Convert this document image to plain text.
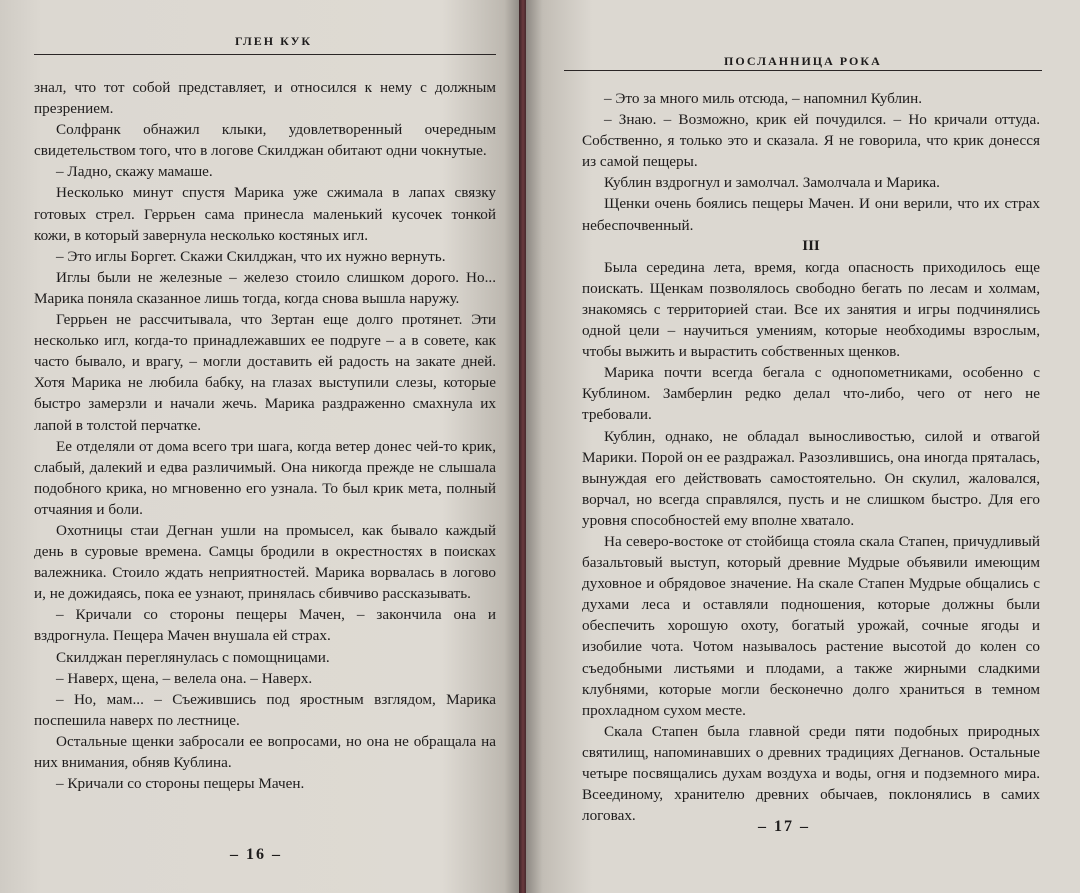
ГЛЕН КУК

знал, что тот собой представляет, и относился к нему с должным презрением.

Солфранк обнажил клыки, удовлетворенный очередным свидетельством того, что в логове Скилджан обитают одни чокнутые.

– Ладно, скажу мамаше.

Несколько минут спустя Марика уже сжимала в лапах связку готовых стрел. Геррьен сама принесла маленький кусочек тонкой кожи, в который завернула несколько костяных игл.

– Это иглы Боргет. Скажи Скилджан, что их нужно вернуть.

Иглы были не железные – железо стоило слишком дорого. Но... Марика поняла сказанное лишь тогда, когда снова вышла наружу.

Геррьен не рассчитывала, что Зертан еще долго протянет. Эти несколько игл, когда-то принадлежавших ее подруге – а в совете, как часто бывало, и врагу, – могли доставить ей радость на закате дней. Хотя Марика не любила бабку, на глазах выступили слезы, которые быстро замерзли и начали жечь. Марика раздраженно смахнула их лапой в толстой перчатке.

Ее отделяли от дома всего три шага, когда ветер донес чей-то крик, слабый, далекий и едва различимый. Она никогда прежде не слышала подобного крика, но мгновенно его узнала. То был крик мета, полный отчаяния и боли.

Охотницы стаи Дегнан ушли на промысел, как бывало каждый день в суровые времена. Самцы бродили в окрестностях в поисках валежника. Стоило ждать неприятностей. Марика ворвалась в логово и, не дожидаясь, пока ее узнают, принялась сбивчиво рассказывать.

– Кричали со стороны пещеры Мачен, – закончила она и вздрогнула. Пещера Мачен внушала ей страх.

Скилджан переглянулась с помощницами.

– Наверх, щена, – велела она. – Наверх.

– Но, мам... – Съежившись под яростным взглядом, Марика поспешила наверх по лестнице.

Остальные щенки забросали ее вопросами, но она не обращала на них внимания, обняв Кублина.

– Кричали со стороны пещеры Мачен.

– 16 –
ПОСЛАННИЦА РОКА

– Это за много миль отсюда, – напомнил Кублин.

– Знаю. – Возможно, крик ей почудился. – Но кричали оттуда. Собственно, я только это и сказала. Я не говорила, что крик донесся из самой пещеры.

Кублин вздрогнул и замолчал. Замолчала и Марика.

Щенки очень боялись пещеры Мачен. И они верили, что их страх небеспочвенный.

III

Была середина лета, время, когда опасность приходилось еще поискать. Щенкам позволялось свободно бегать по лесам и холмам, знакомясь с территорией стаи. Все их занятия и игры подчинялись одной цели – научиться умениям, которые необходимы взрослым, чтобы выжить и вырастить собственных щенков.

Марика почти всегда бегала с однопометниками, особенно с Кублином. Замберлин редко делал что-либо, чего от него не требовали.

Кублин, однако, не обладал выносливостью, силой и отвагой Марики. Порой он ее раздражал. Разозлившись, она иногда пряталась, вынуждая его действовать самостоятельно. Он скулил, жаловался, ворчал, но всегда справлялся, пусть и не слишком быстро. Для его уровня способностей ему вполне хватало.

На северо-востоке от стойбища стояла скала Стапен, причудливый базальтовый выступ, который древние Мудрые объявили имеющим духовное и обрядовое значение. На скале Стапен Мудрые общались с духами леса и оставляли подношения, которые должны были обеспечить хорошую охоту, богатый урожай, сочные ягоды и изобилие чота. Чотом называлось растение высотой до колен со съедобными листьями и плодами, а также жирными сладкими клубнями, которые могли бесконечно долго храниться в темном прохладном сухом месте.

Скала Стапен была главной среди пяти подобных природных святилищ, напоминавших о древних традициях Дегнанов. Остальные четыре посвящались духам воздуха и воды, огня и подземного мира. Всеединому, хранителю древних обычаев, поклонялись в самих логовах.

– 17 –
